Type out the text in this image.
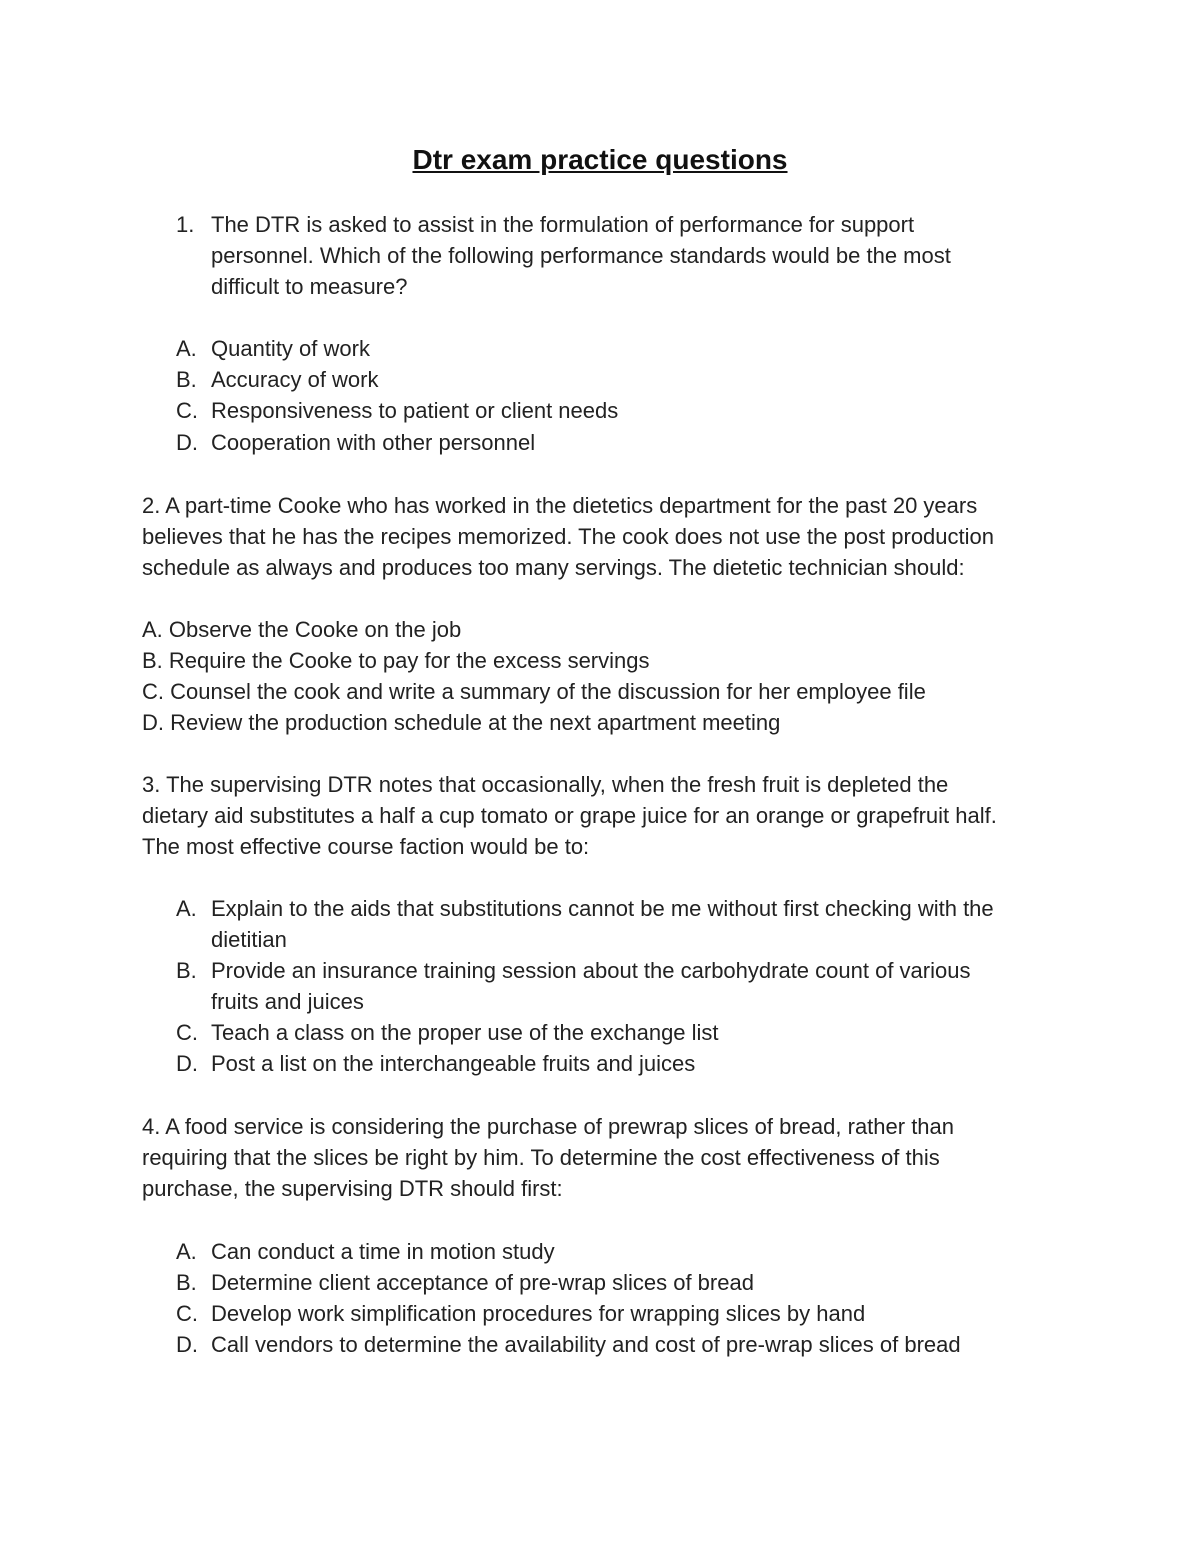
Dtr exam practice questions
1. The DTR is asked to assist in the formulation of performance for support
personnel. Which of the following performance standards would be the most
difficult to measure?
A. Quantity of work
B. Accuracy of work
C. Responsiveness to patient or client needs
D. Cooperation with other personnel
2. A part-time Cooke who has worked in the dietetics department for the past 20 years
believes that he has the recipes memorized. The cook does not use the post production
schedule as always and produces too many servings. The dietetic technician should:
A. Observe the Cooke on the job
B. Require the Cooke to pay for the excess servings
C. Counsel the cook and write a summary of the discussion for her employee file
D. Review the production schedule at the next apartment meeting
3. The supervising DTR notes that occasionally, when the fresh fruit is depleted the
dietary aid substitutes a half a cup tomato or grape juice for an orange or grapefruit half.
The most effective course faction would be to:
A. Explain to the aids that substitutions cannot be me without first checking with the
dietitian
B. Provide an insurance training session about the carbohydrate count of various
fruits and juices
C. Teach a class on the proper use of the exchange list
D. Post a list on the interchangeable fruits and juices
4. A food service is considering the purchase of prewrap slices of bread, rather than
requiring that the slices be right by him. To determine the cost effectiveness of this
purchase, the supervising DTR should first:
A. Can conduct a time in motion study
B. Determine client acceptance of pre-wrap slices of bread
C. Develop work simplification procedures for wrapping slices by hand
D. Call vendors to determine the availability and cost of pre-wrap slices of bread
